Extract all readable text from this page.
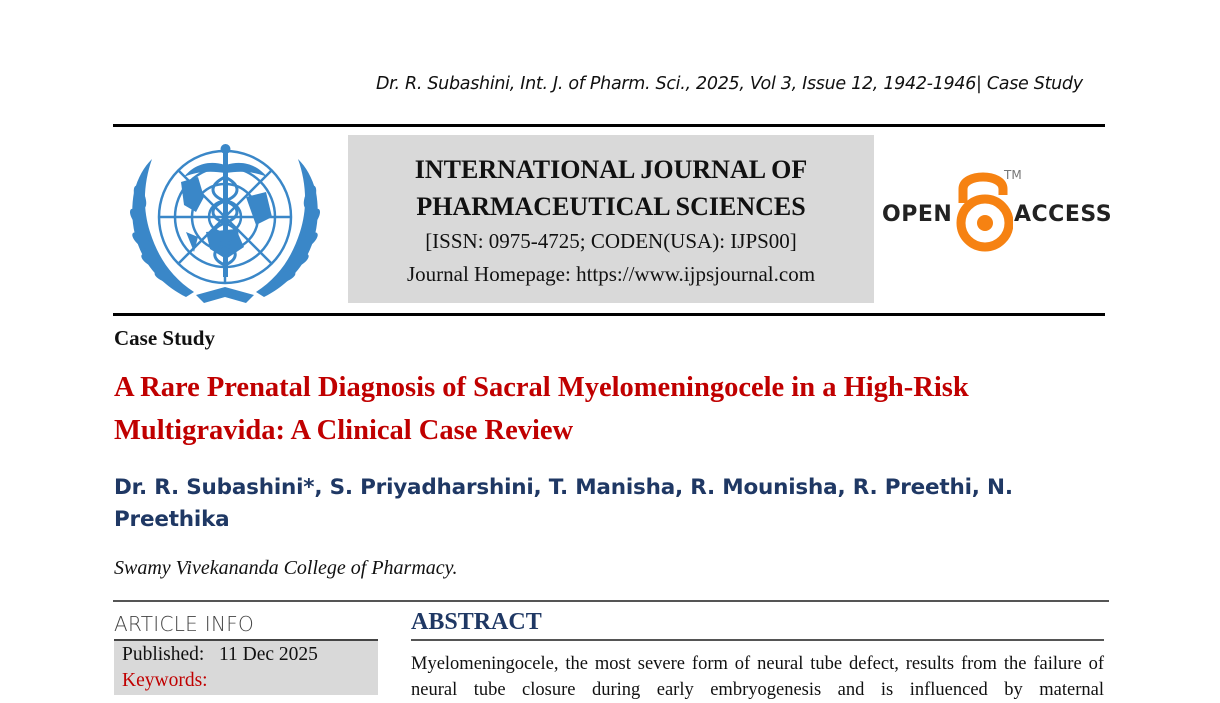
Dr. R. Subashini, Int. J. of Pharm. Sci., 2025, Vol 3, Issue 12, 1942-1946| Case Study
INTERNATIONAL JOURNAL OF
PHARMACEUTICAL SCIENCES
[ISSN: 0975-4725; CODEN(USA): IJPS00]
Journal Homepage: https://www.ijpsjournal.com
OPEN
TM
ACCESS
Case Study
A Rare Prenatal Diagnosis of Sacral Myelomeningocele in a High-Risk
Multigravida: A Clinical Case Review
Dr. R. Subashini*, S. Priyadharshini, T. Manisha, R. Mounisha, R. Preethi, N. Preethika
Swamy Vivekananda College of Pharmacy.
ARTICLE INFO
Published: 11 Dec 2025
Keywords:
ABSTRACT
Myelomeningocele, the most severe form of neural tube defect, results from the failure of neural tube closure during early embryogenesis and is influenced by maternal
